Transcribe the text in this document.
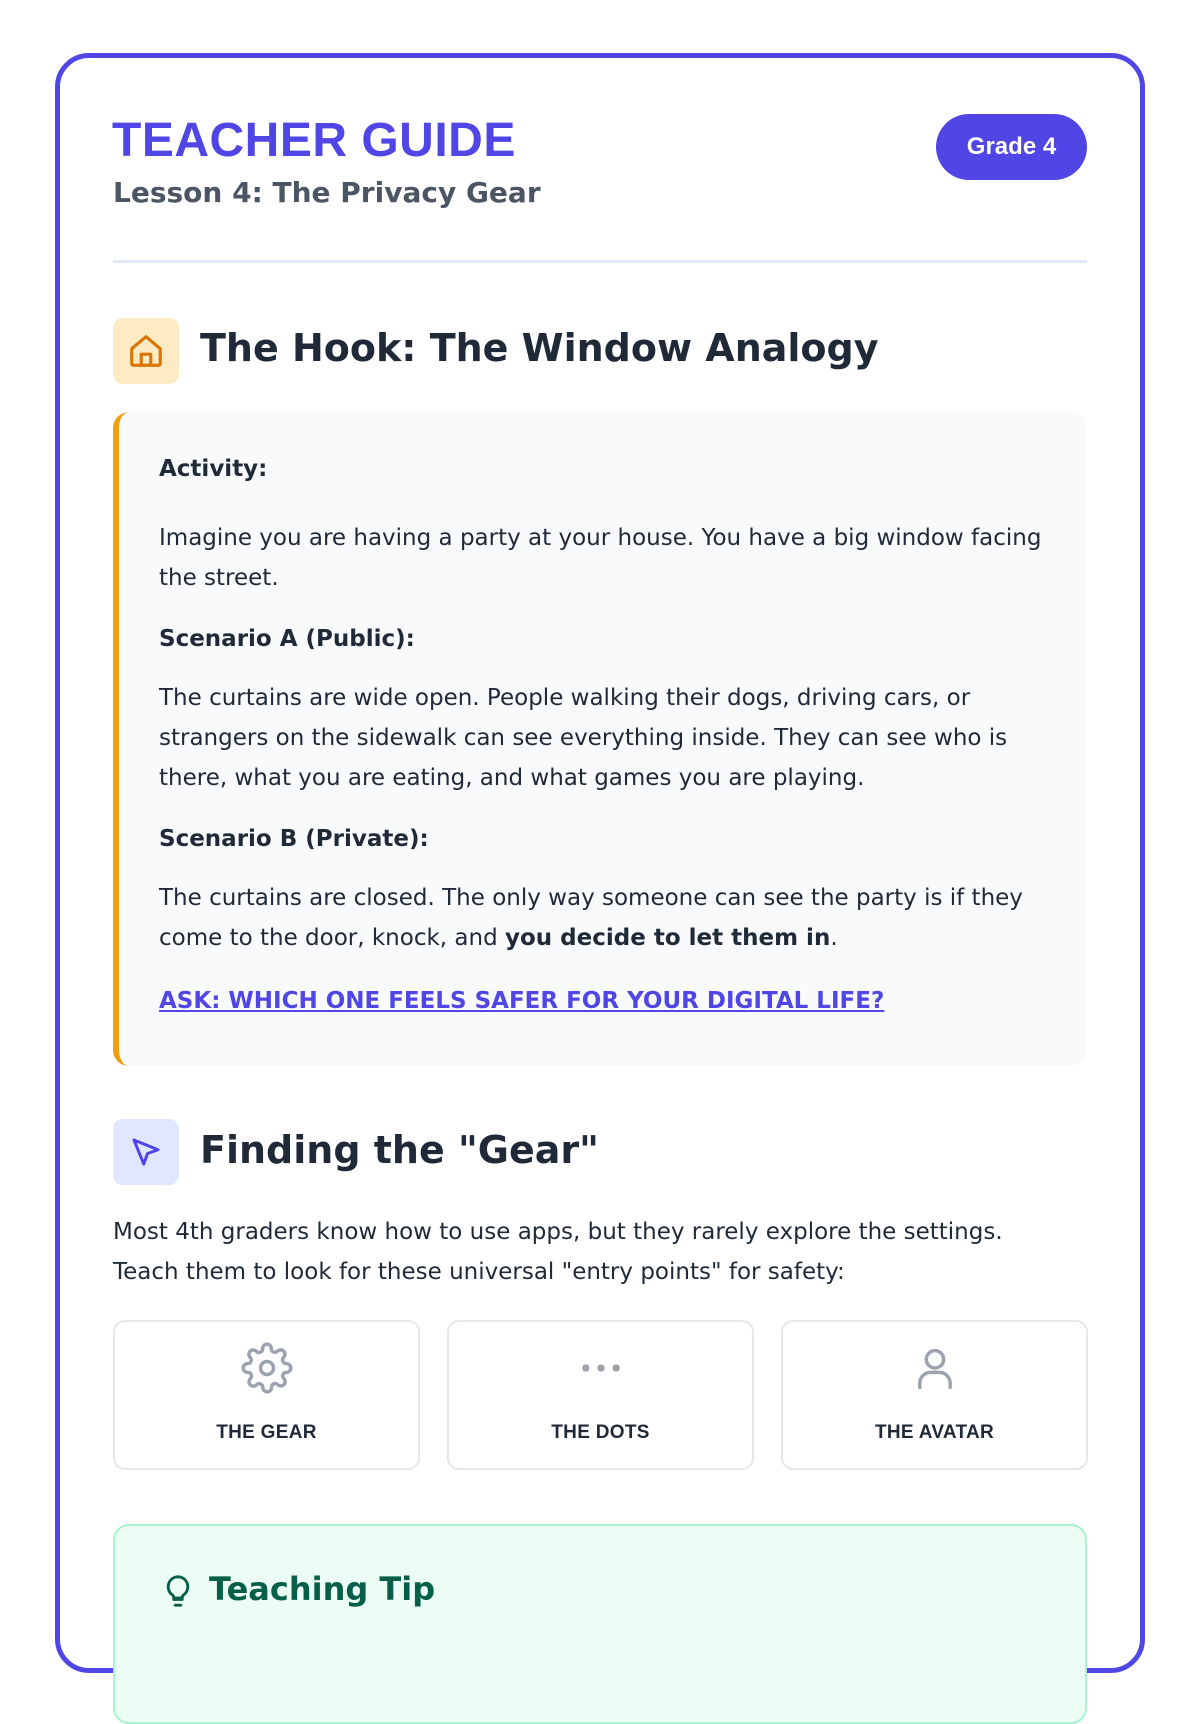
TEACHER GUIDE
Lesson 4: The Privacy Gear
Grade 4
The Hook: The Window Analogy
Activity:
Imagine you are having a party at your house. You have a big window facing the street.
Scenario A (Public):
The curtains are wide open. People walking their dogs, driving cars, or strangers on the sidewalk can see everything inside. They can see who is there, what you are eating, and what games you are playing.
Scenario B (Private):
The curtains are closed. The only way someone can see the party is if they come to the door, knock, and you decide to let them in.
ASK: WHICH ONE FEELS SAFER FOR YOUR DIGITAL LIFE?
Finding the "Gear"
Most 4th graders know how to use apps, but they rarely explore the settings. Teach them to look for these universal "entry points" for safety:
THE GEAR	THE DOTS	THE AVATAR
Teaching Tip
